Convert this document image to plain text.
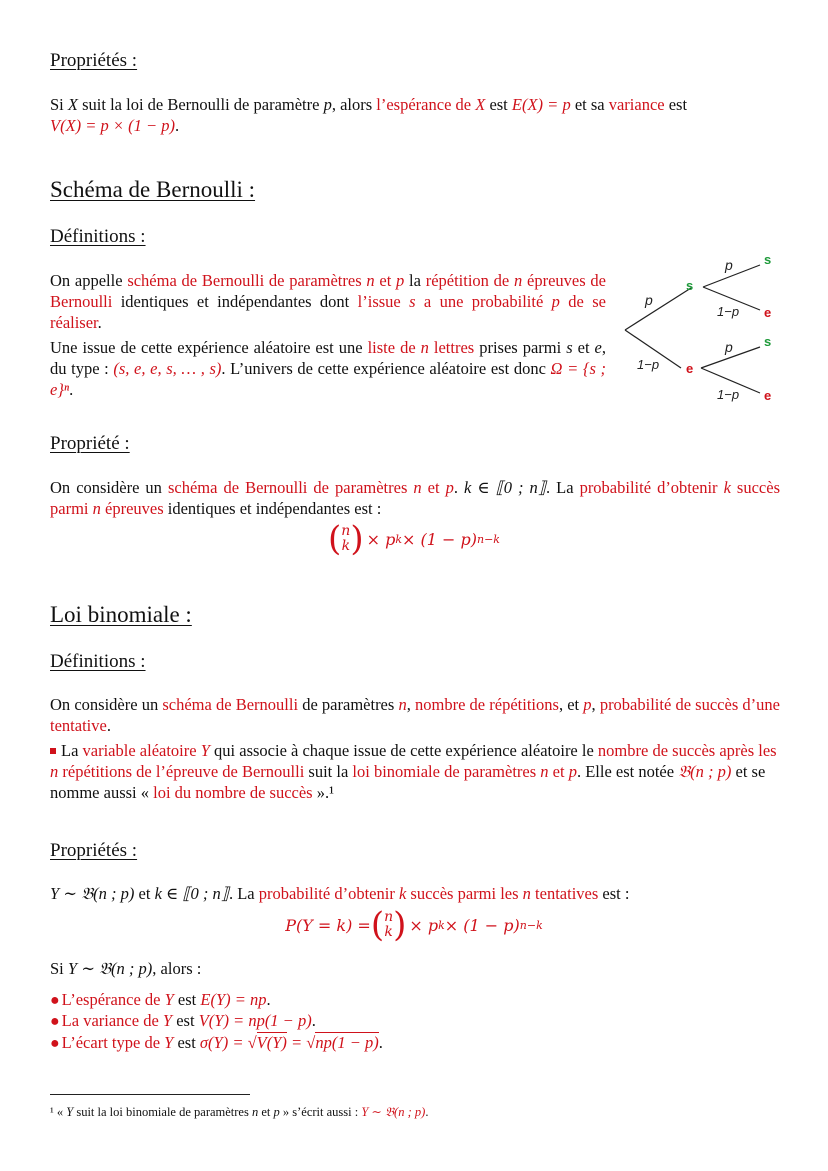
Propriétés :
Si X suit la loi de Bernoulli de paramètre p, alors l’espérance de X est E(X) = p et sa variance est
V(X) = p × (1 − p).
Schéma de Bernoulli :
Définitions :
On appelle schéma de Bernoulli de paramètres n et p la répétition de n épreuves de Bernoulli identiques et indépendantes dont l’issue s a une probabilité p de se réaliser.
Une issue de cette expérience aléatoire est une liste de n lettres prises parmi s et e, du type : (s, e, e, s, … , s). L’univers de cette expérience aléatoire est donc Ω = {s ; e}ⁿ.
p
1−p
s
e
p
1−p
p
1−p
s
e
s
e
Propriété :
On considère un schéma de Bernoulli de paramètres n et p. k ∈ ⟦0 ; n⟧. La probabilité d’obtenir k succès parmi n épreuves identiques et indépendantes est :
( n
k ) × p k × (1 − p) n−k
Loi binomiale :
Définitions :
On considère un schéma de Bernoulli de paramètres n, nombre de répétitions, et p, probabilité de succès d’une tentative.
La variable aléatoire Y qui associe à chaque issue de cette expérience aléatoire le nombre de succès après les n répétitions de l’épreuve de Bernoulli suit la loi binomiale de paramètres n et p. Elle est notée 𝔅(n ; p) et se nomme aussi « loi du nombre de succès ».¹
Propriétés :
Y ∼ 𝔅(n ; p) et k ∈ ⟦0 ; n⟧. La probabilité d’obtenir k succès parmi les n tentatives est :
P(Y = k) = ( n
k ) × p k × (1 − p) n−k
Si Y ∼ 𝔅(n ; p), alors :
● L’espérance de Y est E(Y) = np.
● La variance de Y est V(Y) = np(1 − p).
● L’écart type de Y est σ(Y) = √V(Y) = √np(1 − p).
¹ « Y suit la loi binomiale de paramètres n et p » s’écrit aussi : Y ∼ 𝔅(n ; p).
